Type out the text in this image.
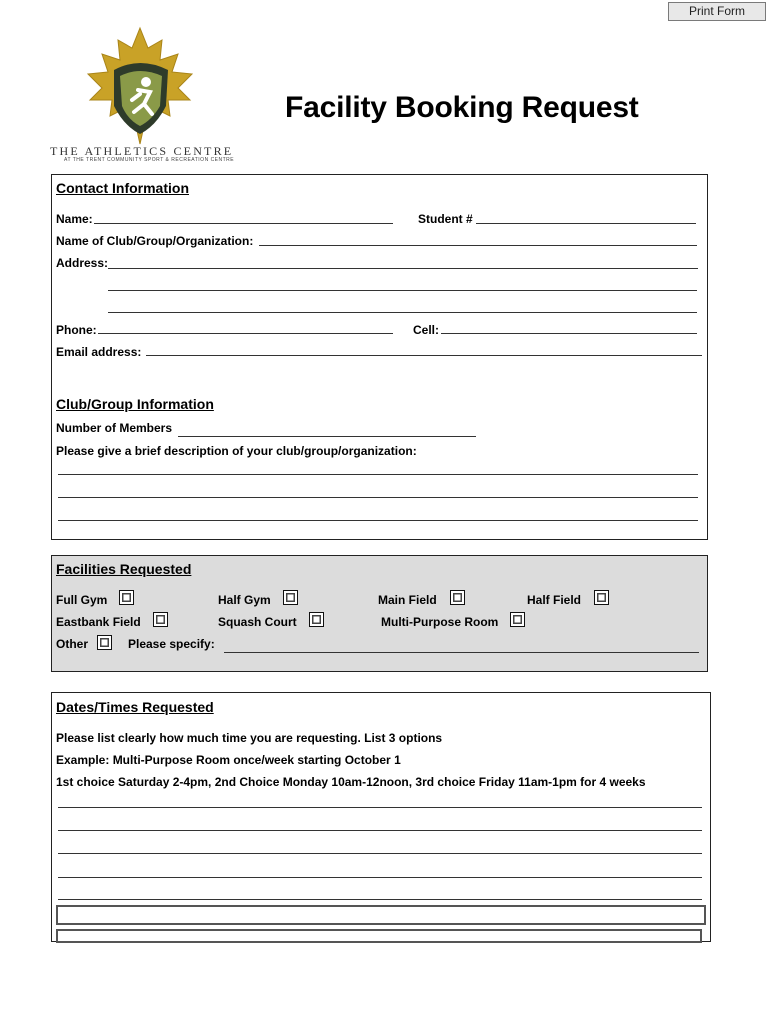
Print Form
THE ATHLETICS CENTRE
AT THE TRENT COMMUNITY SPORT & RECREATION CENTRE
Facility Booking Request
Contact Information
Name:	Student #
Name of Club/Group/Organization:
Address:
Phone:	Cell:
Email address:
Club/Group Information
Number of Members
Please give a brief description of your club/group/organization:
Facilities Requested
Full Gym	Half Gym	Main Field	Half Field
Eastbank Field	Squash Court	Multi-Purpose Room
Other	Please specify:
Dates/Times Requested
Please list clearly how much time you are requesting. List 3 options
Example: Multi-Purpose Room once/week starting October 1
1st choice Saturday 2-4pm, 2nd Choice Monday 10am-12noon, 3rd choice Friday 11am-1pm for 4 weeks
